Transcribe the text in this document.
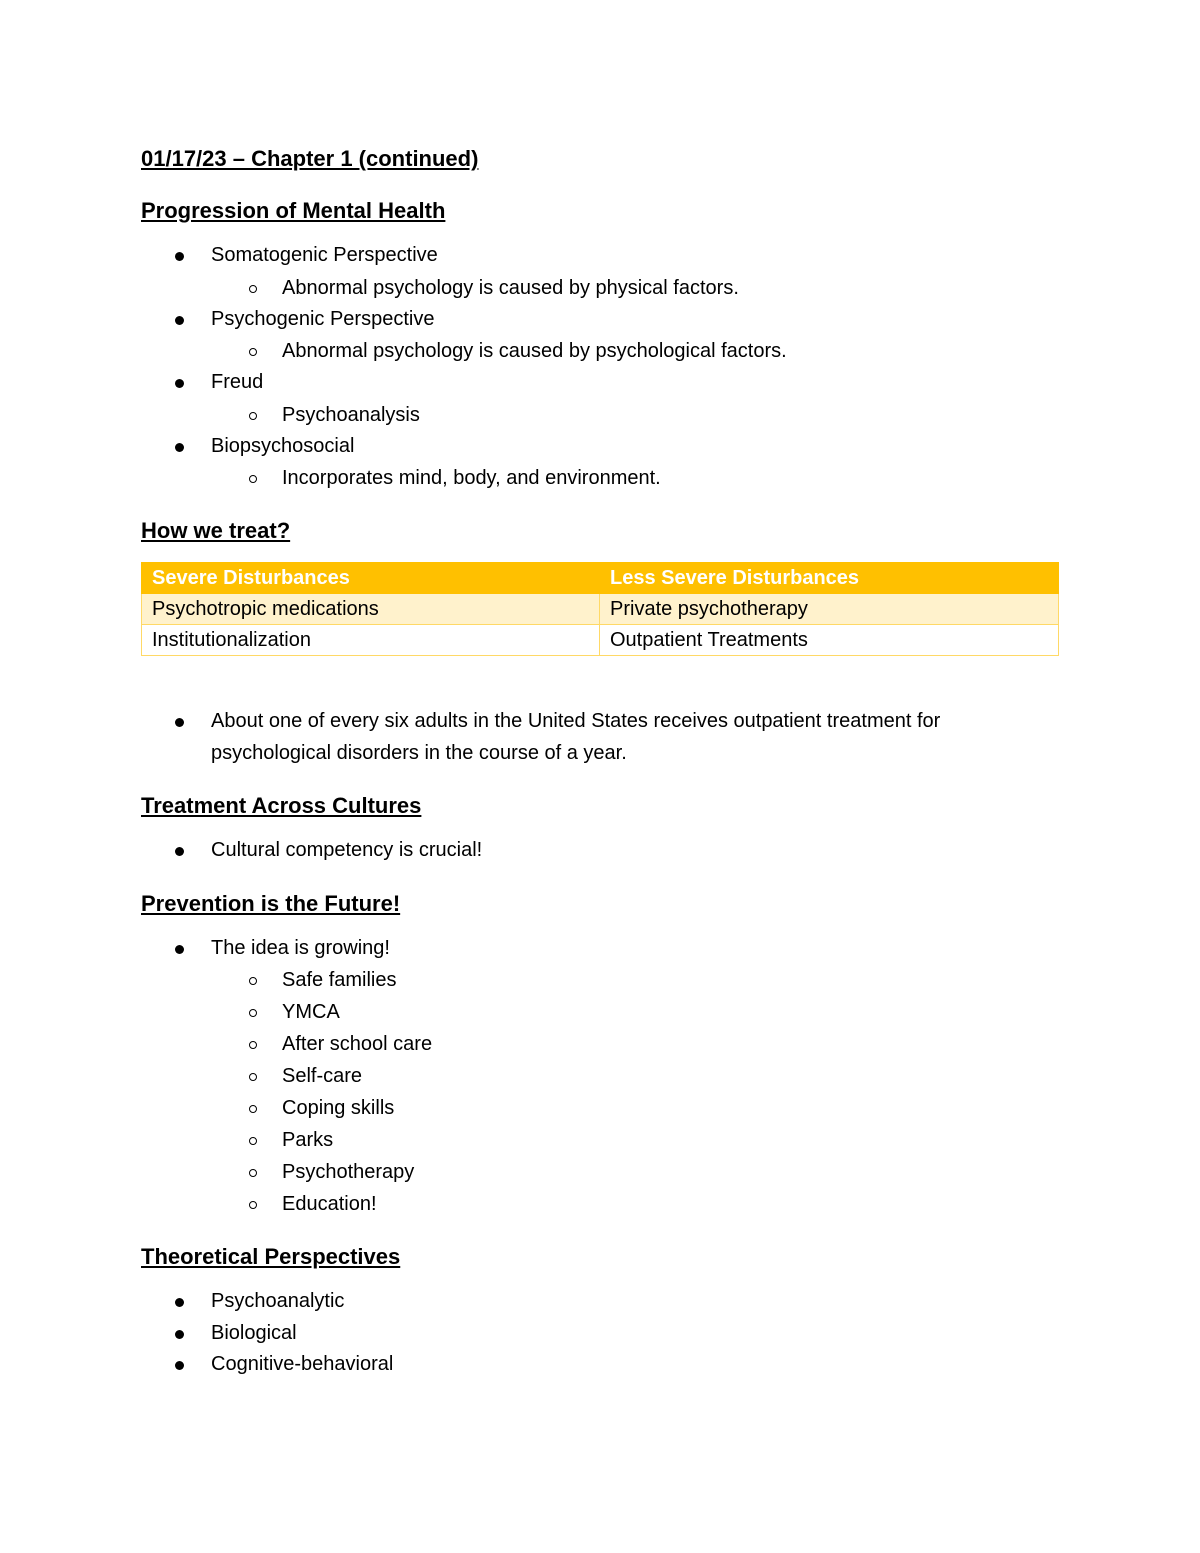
01/17/23 – Chapter 1 (continued)

Progression of Mental Health

Somatogenic Perspective
Abnormal psychology is caused by physical factors.
Psychogenic Perspective
Abnormal psychology is caused by psychological factors.
Freud
Psychoanalysis
Biopsychosocial
Incorporates mind, body, and environment.

How we treat?

Severe Disturbances	Less Severe Disturbances
Psychotropic medications	Private psychotherapy
Institutionalization	Outpatient Treatments
About one of every six adults in the United States receives outpatient treatment for psychological disorders in the course of a year.

Treatment Across Cultures

Cultural competency is crucial!

Prevention is the Future!

The idea is growing!
Safe families
YMCA
After school care
Self-care
Coping skills
Parks
Psychotherapy
Education!

Theoretical Perspectives

Psychoanalytic
Biological
Cognitive-behavioral
